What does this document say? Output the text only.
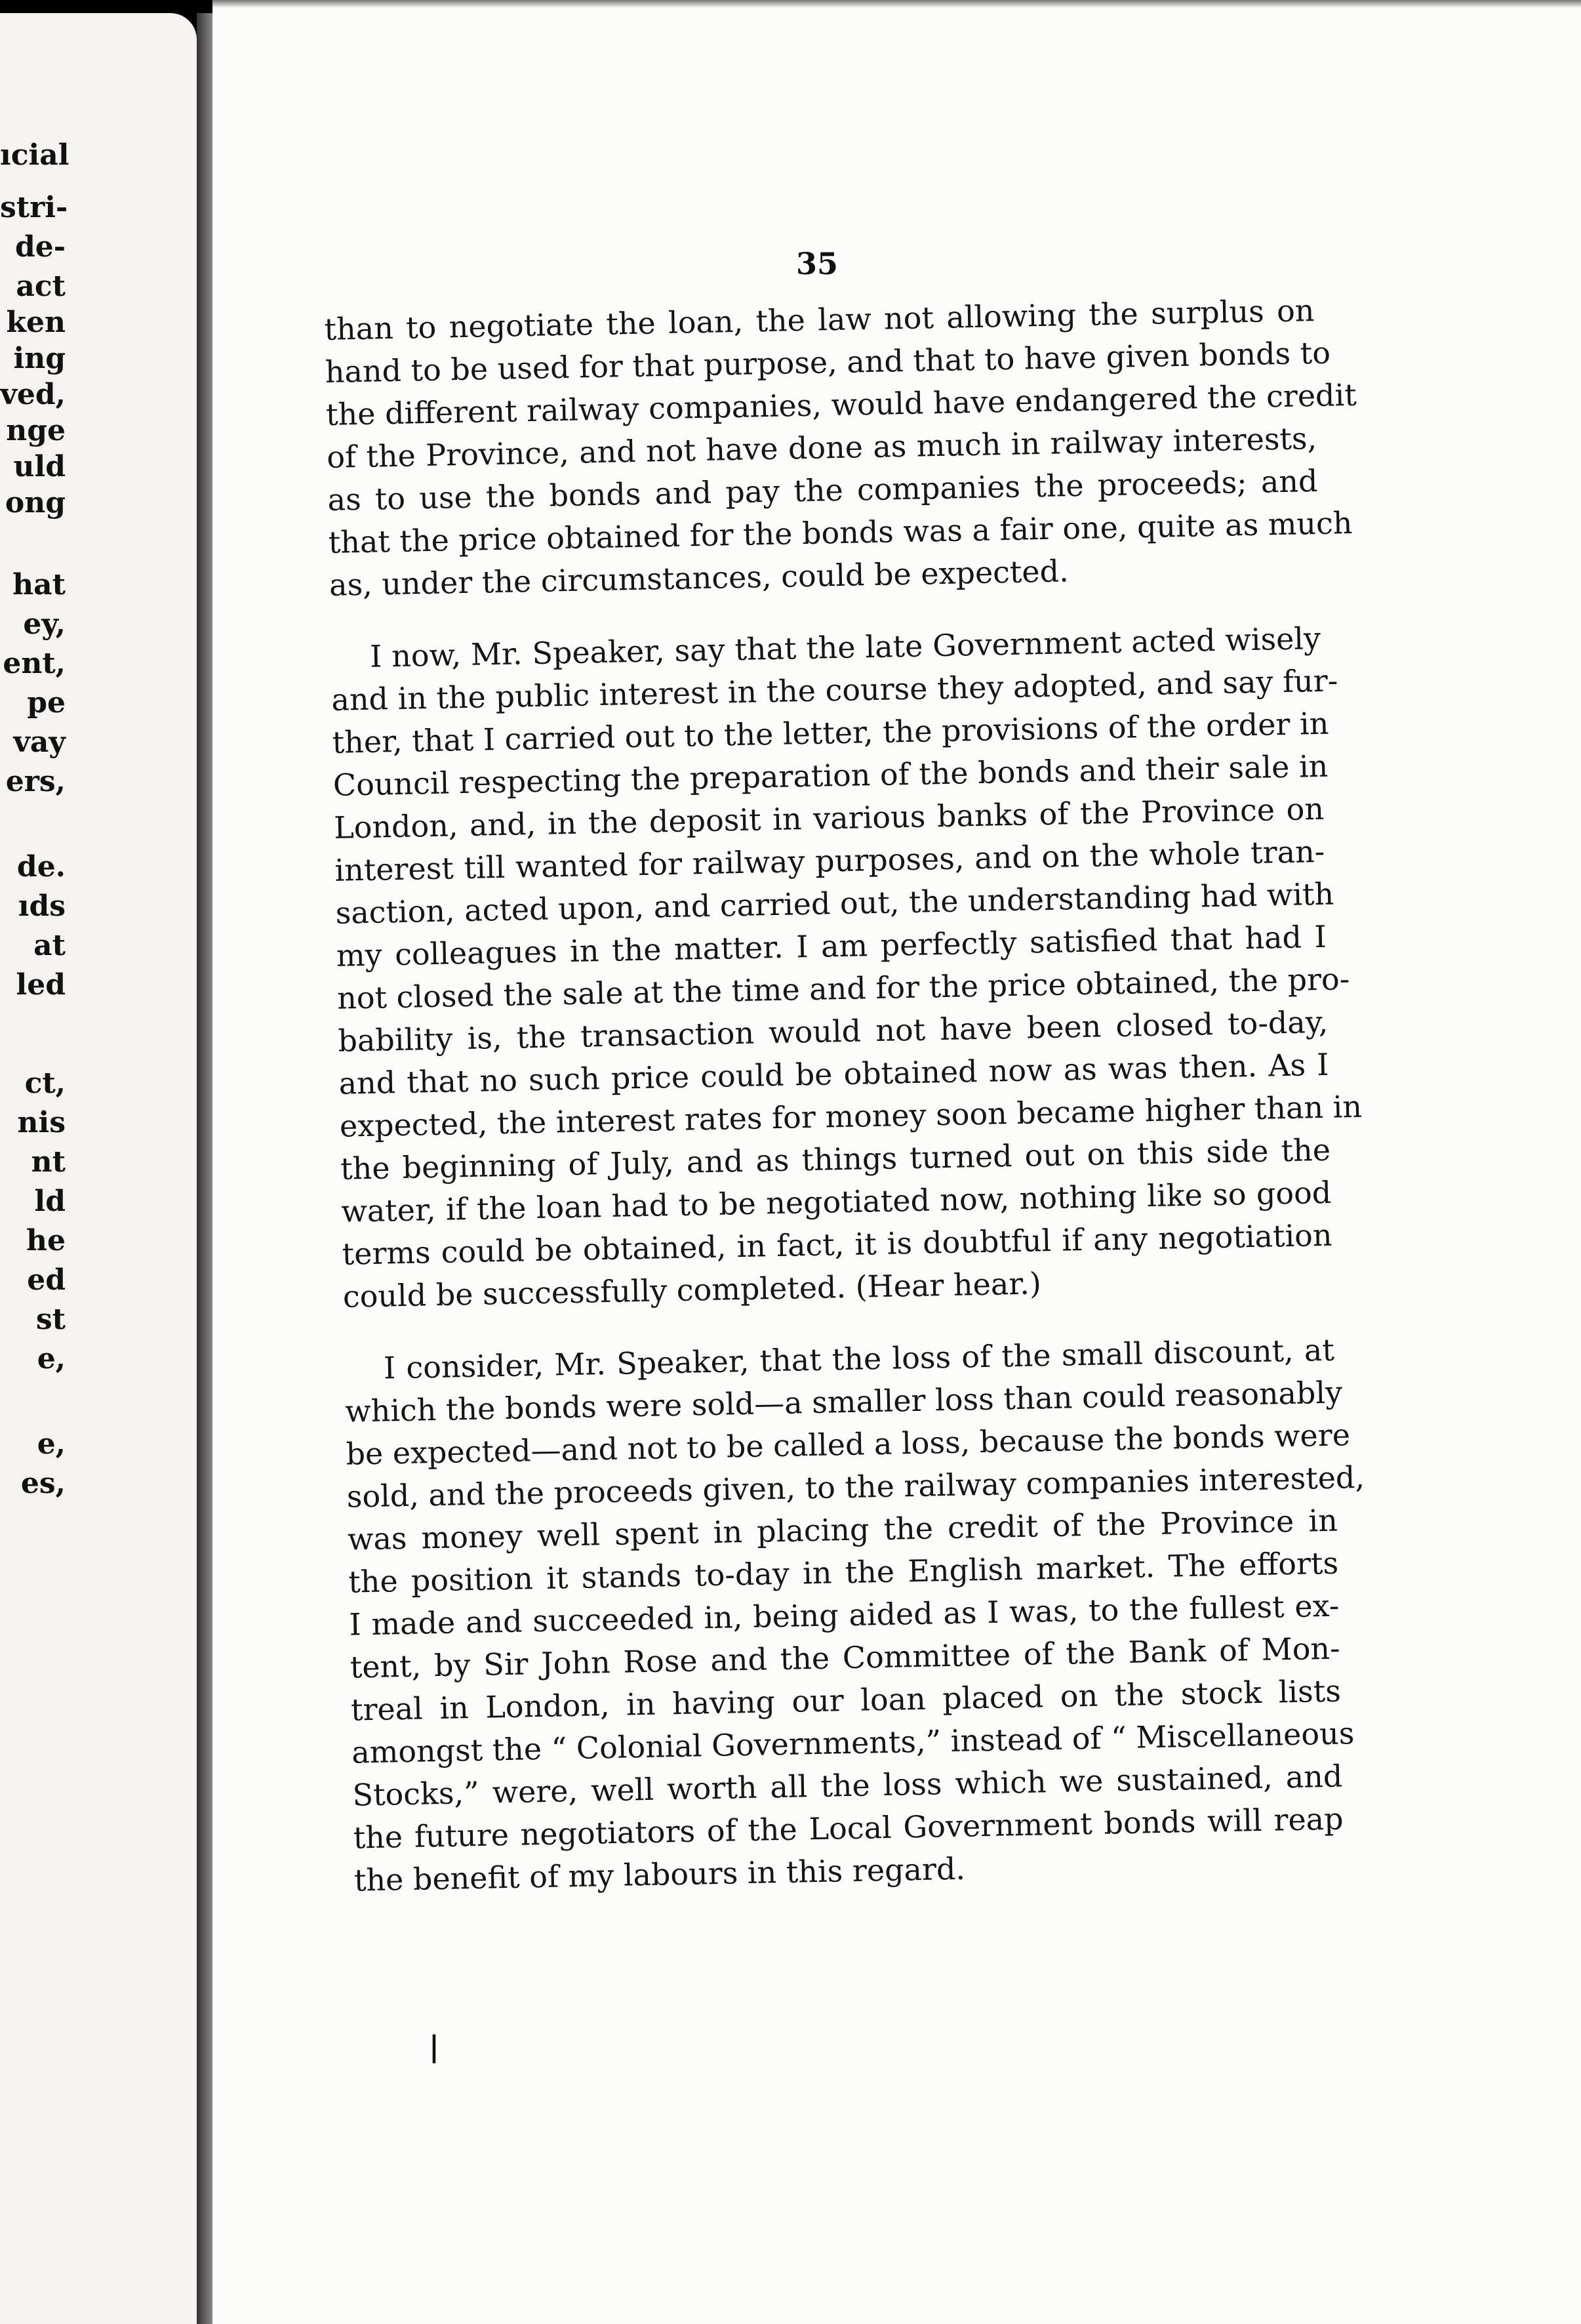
ıcial
stri-
de-
act
ken
ing
ved,
nge
uld
ong
hat
ey,
ent,
pe
vay
ers,
de.
ıds
at
led
ct,
nis
nt
ld
he
ed
st
e,
e,
es,
35
than to negotiate the loan, the law not allowing the surplus on
hand to be used for that purpose, and that to have given bonds to
the different railway companies, would have endangered the credit
of the Province, and not have done as much in railway interests,
as to use the bonds and pay the companies the proceeds; and
that the price obtained for the bonds was a fair one, quite as much
as, under the circumstances, could be expected.
I now, Mr. Speaker, say that the late Government acted wisely
and in the public interest in the course they adopted, and say fur-
ther, that I carried out to the letter, the provisions of the order in
Council respecting the preparation of the bonds and their sale in
London, and, in the deposit in various banks of the Province on
interest till wanted for railway purposes, and on the whole tran-
saction, acted upon, and carried out, the understanding had with
my colleagues in the matter. I am perfectly satisfied that had I
not closed the sale at the time and for the price obtained, the pro-
bability is, the transaction would not have been closed to-day,
and that no such price could be obtained now as was then. As I
expected, the interest rates for money soon became higher than in
the beginning of July, and as things turned out on this side the
water, if the loan had to be negotiated now, nothing like so good
terms could be obtained, in fact, it is doubtful if any negotiation
could be successfully completed. (Hear hear.)
I consider, Mr. Speaker, that the loss of the small discount, at
which the bonds were sold—a smaller loss than could reasonably
be expected—and not to be called a loss, because the bonds were
sold, and the proceeds given, to the railway companies interested,
was money well spent in placing the credit of the Province in
the position it stands to-day in the English market. The efforts
I made and succeeded in, being aided as I was, to the fullest ex-
tent, by Sir John Rose and the Committee of the Bank of Mon-
treal in London, in having our loan placed on the stock lists
amongst the “ Colonial Governments,” instead of “ Miscellaneous
Stocks,” were, well worth all the loss which we sustained, and
the future negotiators of the Local Government bonds will reap
the benefit of my labours in this regard.
|
